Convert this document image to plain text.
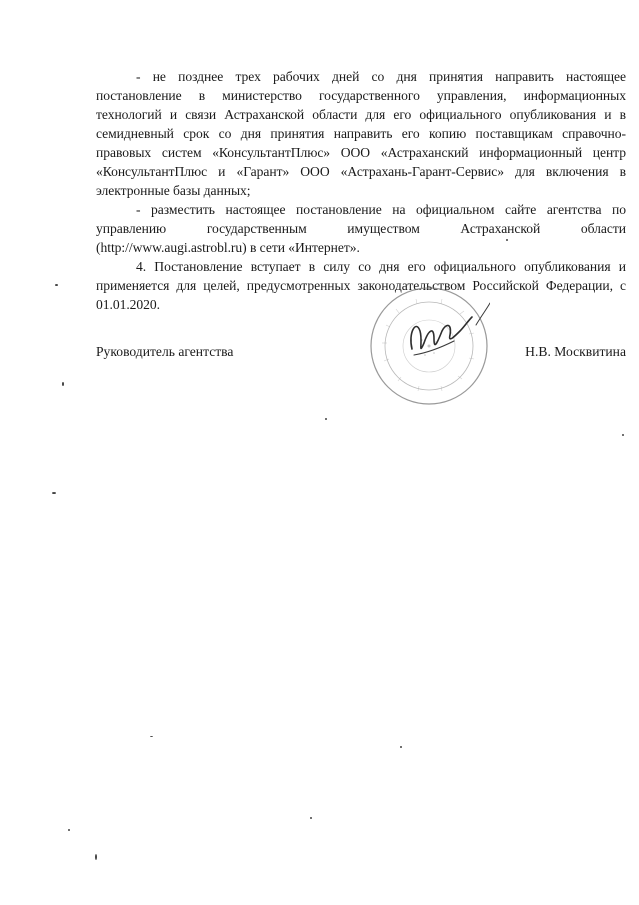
- не позднее трех рабочих дней со дня принятия направить настоящее постановление в министерство государственного управления, информационных технологий и связи Астраханской области для его официального опубликования и в семидневный срок со дня принятия направить его копию поставщикам справочно-правовых систем «КонсультантПлюс» ООО «Астраханский информационный центр «КонсультантПлюс и «Гарант» ООО «Астрахань-Гарант-Сервис» для включения в электронные базы данных;

- разместить настоящее постановление на официальном сайте агентства по управлению государственным имуществом Астраханской области (http://www.augi.astrobl.ru) в сети «Интернет».

4. Постановление вступает в силу со дня его официального опубликования и применяется для целей, предусмотренных законодательством Российской Федерации, с 01.01.2020.

Руководитель агентства	Н.В. Москвитина
